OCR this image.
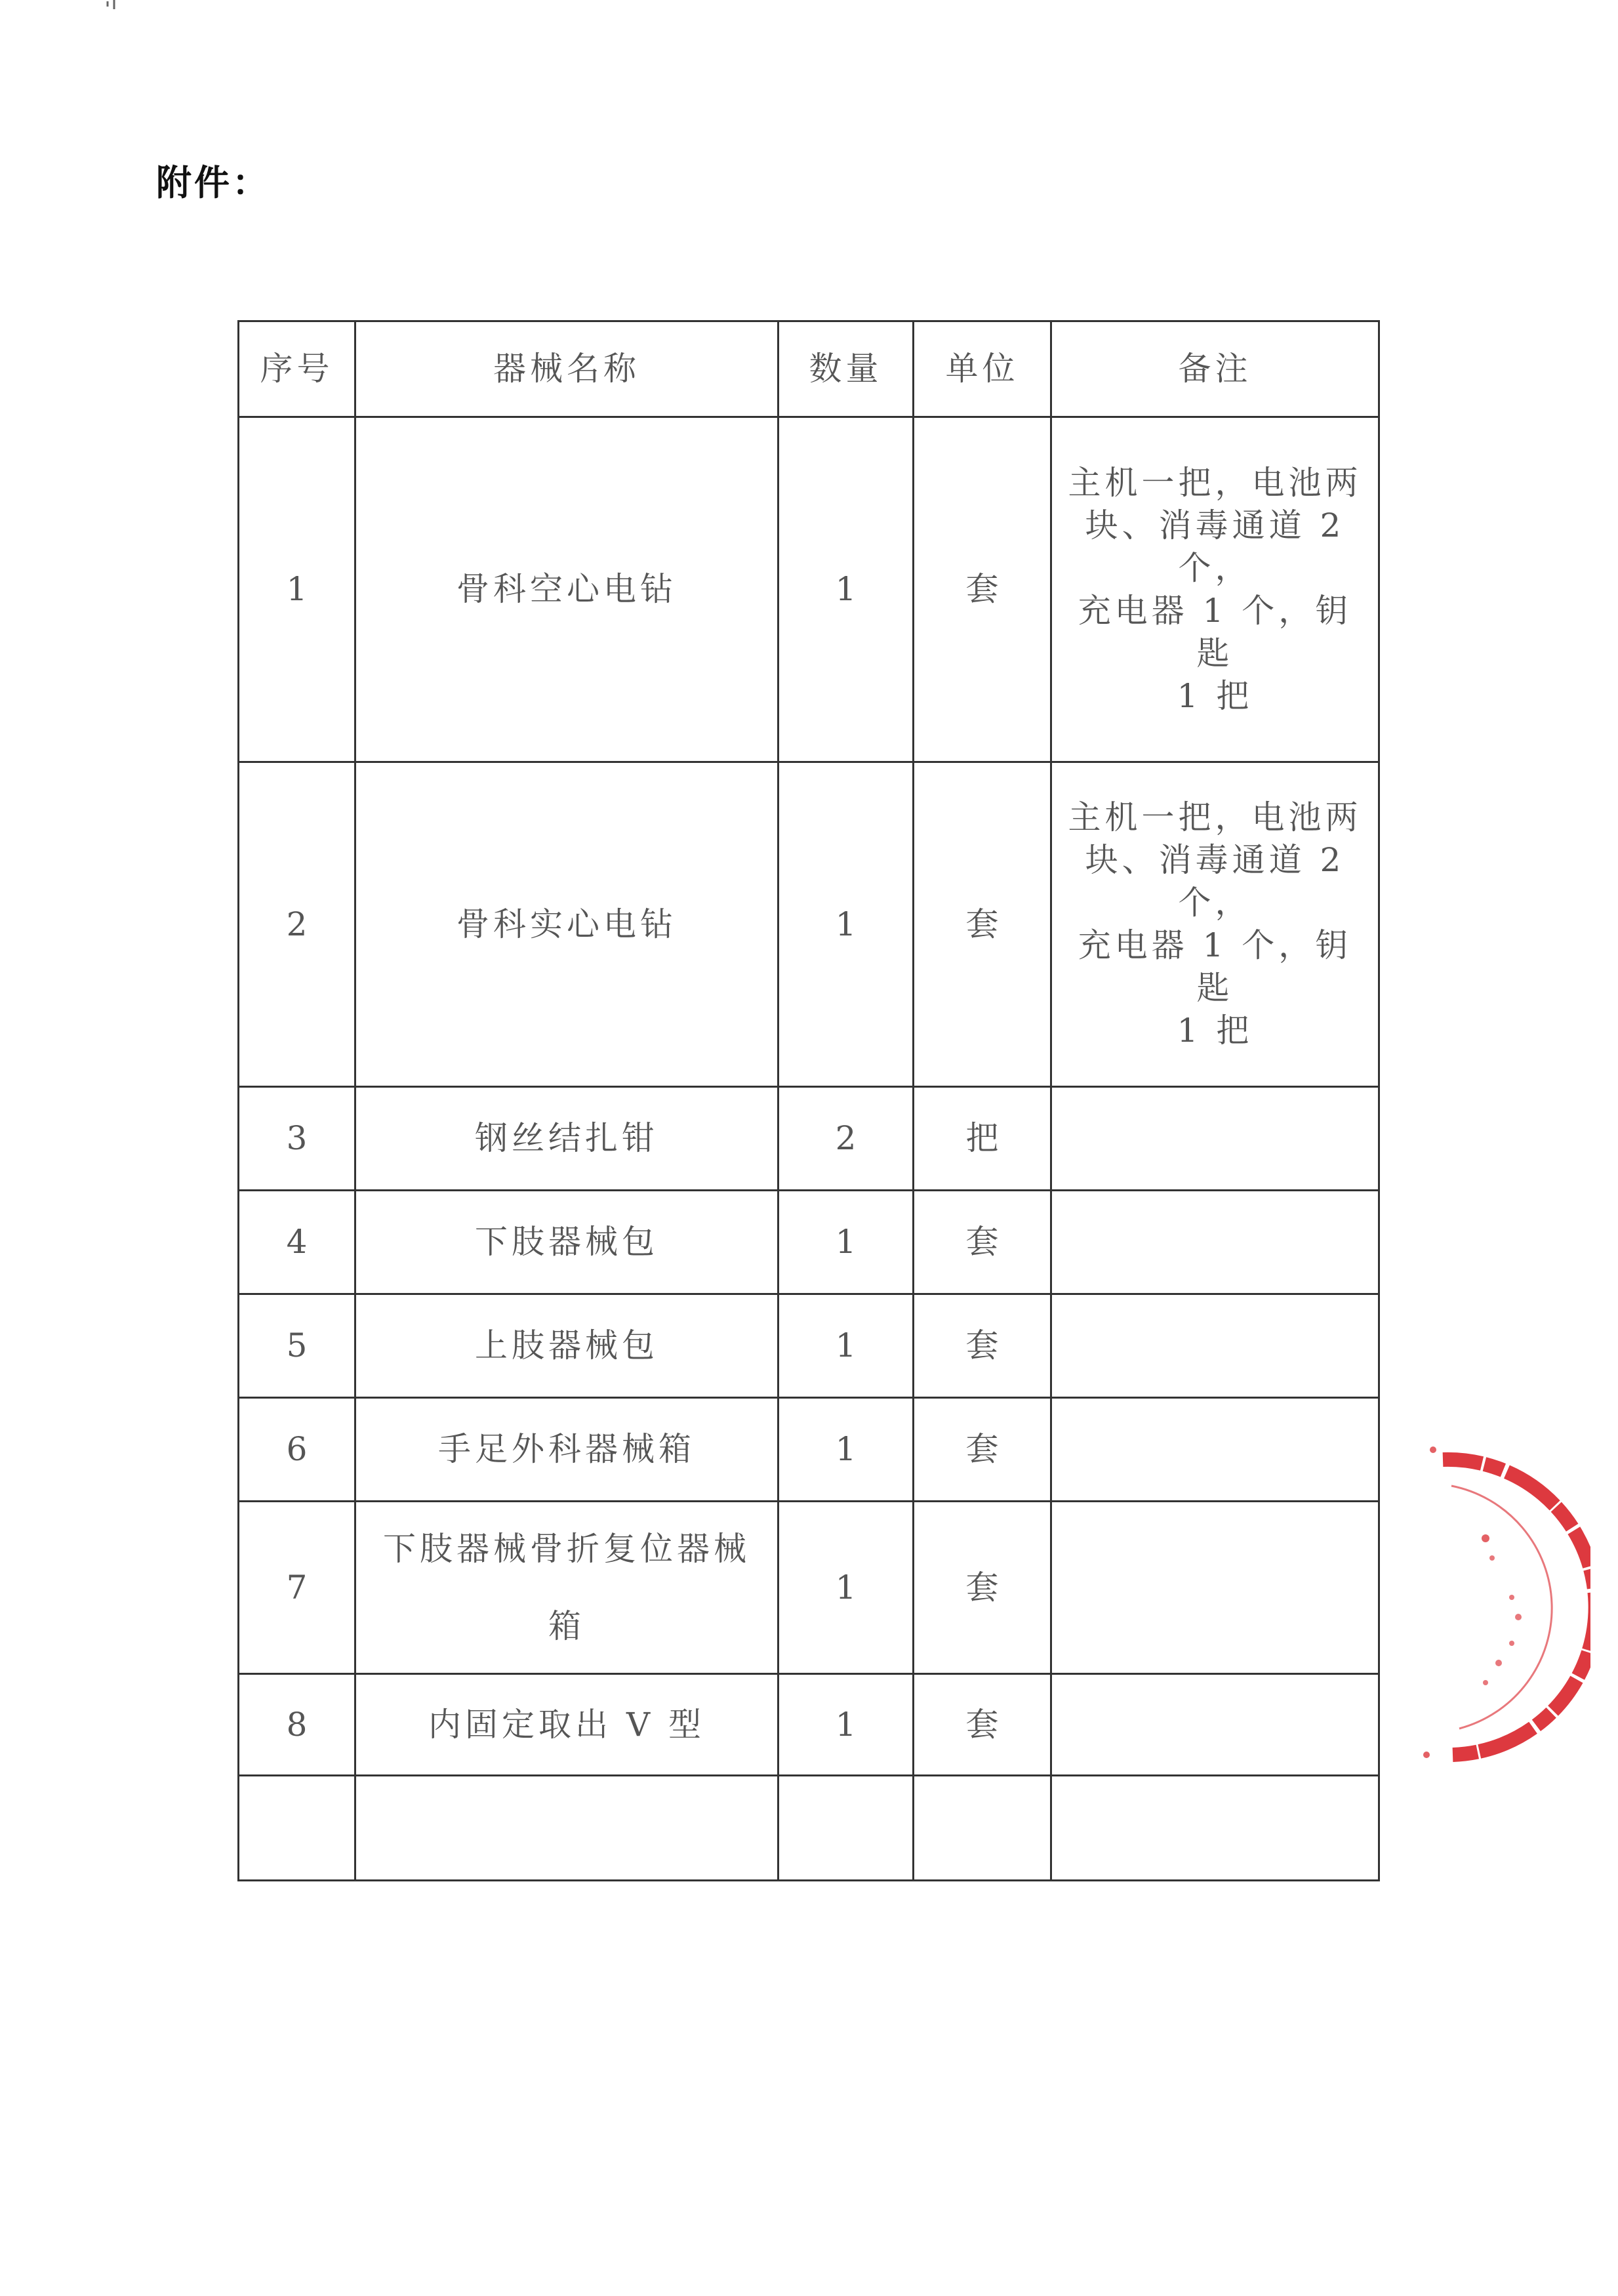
附件：
序号	器械名称	数量	单位	备注
1	骨科空心电钻	1	套	主机一把，电池两
块、消毒通道 2 个，
充电器 1 个，钥匙
1 把

2	骨科实心电钻	1	套	主机一把，电池两
块、消毒通道 2 个，
充电器 1 个，钥匙
1 把

3	钢丝结扎钳	2	把	
4	下肢器械包	1	套	
5	上肢器械包	1	套	
6	手足外科器械箱	1	套	
7	下肢器械骨折复位器械
箱	1	套	
8	内固定取出 V 型	1	套	
